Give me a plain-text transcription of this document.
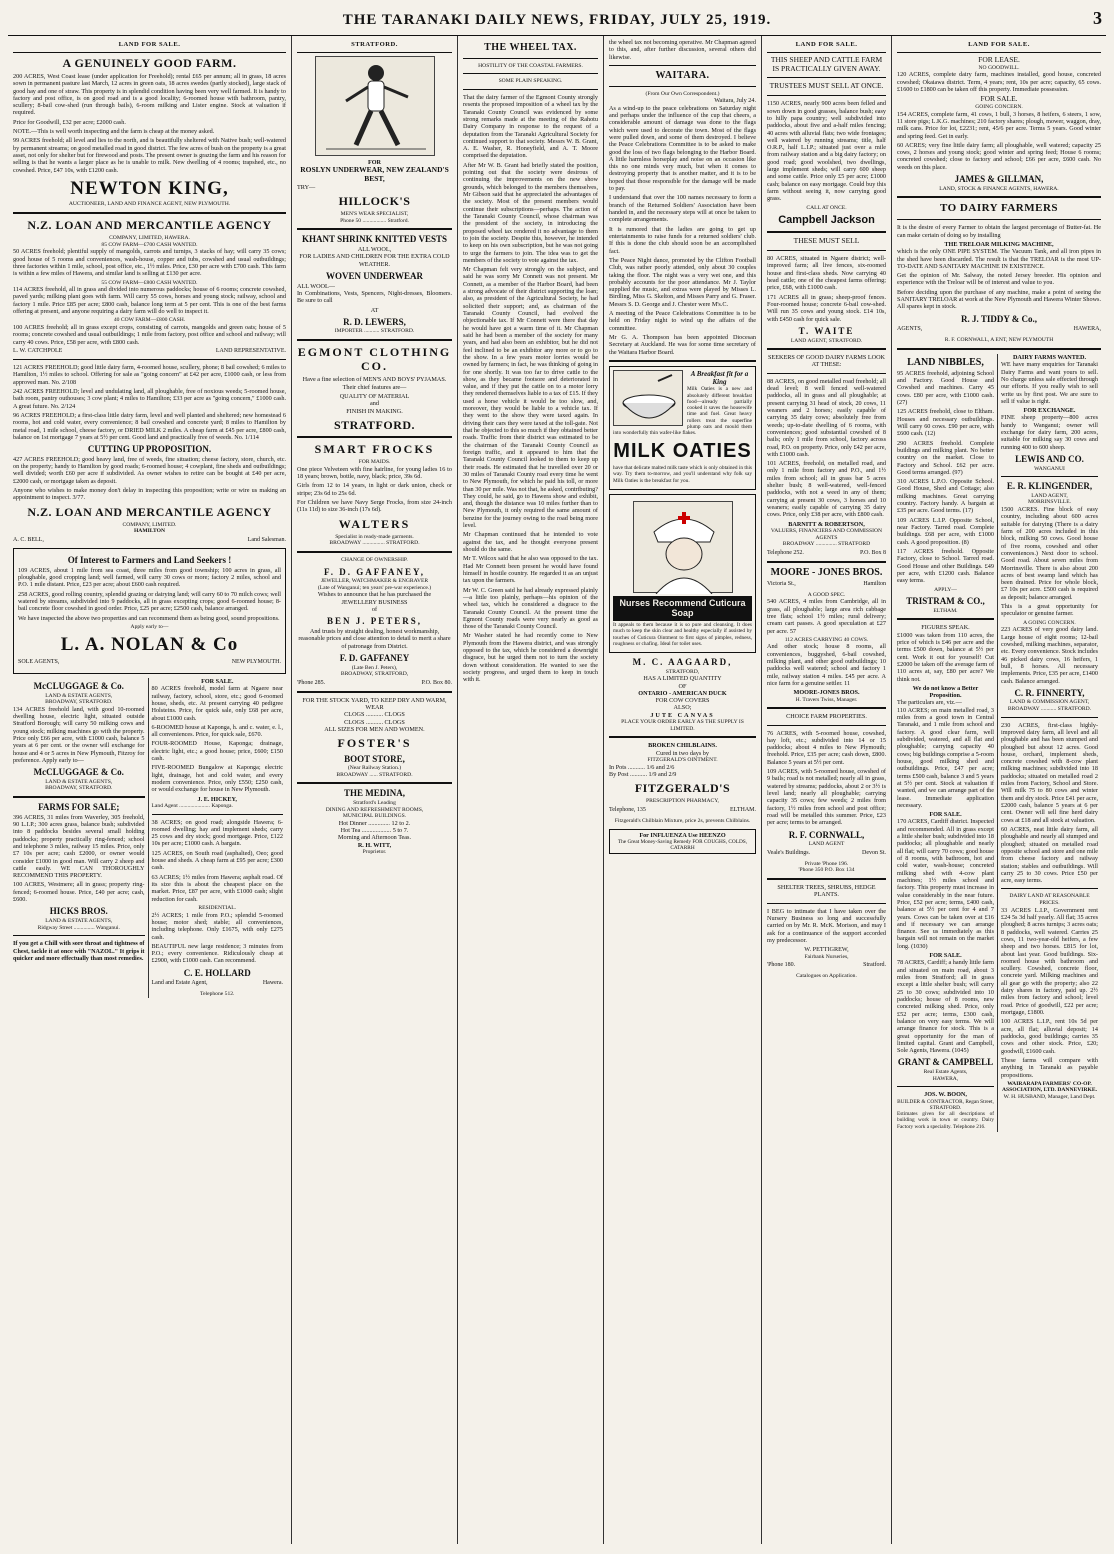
THE TARANAKI DAILY NEWS, FRIDAY, JULY 25, 1919.	3
LAND FOR SALE.
A GENUINELY GOOD FARM.

200 ACRES, West Coast lease (under application for Freehold); rental £65 per annum; all in grass, 18 acres sown in permanent pasture last March, 12 acres in green oats, 18 acres swedes (partly stocked), large stack of good hay and one of straw. This property is in splendid condition having been very well farmed. It is handy to factory and post office, is on good road and is a good locality; 6-roomed house with bathroom, pantry, scullery; 8-bail cow-shed (run through bails), 6-room milking and Lister engine. Stock at valuation if required.

Price for Goodwill, £32 per acre; £2000 cash.

NOTE.—This is well worth inspecting and the farm is cheap at the money asked.

99 ACRES freehold; all level and lies to the north, and is beautifully sheltered with Native bush; well-watered by permanent streams; on good metalled road in good district. The few acres of bush on the property is a great asset, not only for shelter but for firewood and posts. The present owner is grazing the farm and his reason for selling is that he wants a larger place as he is unable to milk. New dwelling of 4 rooms; trapshed, etc., no cowshed. Price, £47 10s, with £1200 cash.

NEWTON KING,
AUCTIONEER, LAND AND FINANCE AGENT, NEW PLYMOUTH.
N.Z. LOAN AND MERCANTILE AGENCY
COMPANY, LIMITED, HAWERA.
85 COW FARM—£700 CASH WANTED.

50 ACRES freehold; plentiful supply of mangolds, carrots and turnips, 3 stacks of hay; will carry 35 cows; good house of 5 rooms and conveniences, wash-house, copper and tubs, cowshed and usual outbuildings; three factories within 1 mile, school, post office, etc., 1½ miles. Price, £30 per acre with £700 cash. This farm is within a few miles of Hawera, and similar land is selling at £130 per acre.

55 COW FARM—£800 CASH WANTED.

114 ACRES freehold, all in grass and divided into numerous paddocks; house of 6 rooms; concrete cowshed, paved yards; milking plant goes with farm. Will carry 55 cows, horses and young stock; railway, school and factory 1 mile. Price £85 per acre; £800 cash, balance long term at 5 per cent. This is one of the best farms offering at present, and anyone requiring a dairy farm will do well to inspect it.

40 COW FARM—£800 CASH.

100 ACRES freehold; all in grass except crops, consisting of carrots, mangolds and green oats; house of 5 rooms; concrete cowshed and usual outbuildings; 1 mile from factory, post office and school and railway; will carry 40 cows. Price, £58 per acre, with £800 cash.

L. W. CATCHPOLE	LAND REPRESENTATIVE.

121 ACRES FREEHOLD; good little dairy farm, 4-roomed house, scullery, phone; 8 bail cowshed; 6 miles to Hamilton, 1½ miles to school. Offering for sale as "going concern" at £42 per acre, £1000 cash, or less from approved man. No. 2/108

242 ACRES FREEHOLD; level and undulating land, all ploughable, free of noxious weeds; 5-roomed house, bath room, pantry outhouses; 3 cow plant; 4 miles to Hamilton; £33 per acre as "going concern," £1000 cash. A great future. No. 2/124

96 ACRES FREEHOLD; a first-class little dairy farm, level and well planted and sheltered; new homestead 6 rooms, hot and cold water, every convenience; 8 bail cowshed and concrete yard; 8 miles to Hamilton by metal road, 1 mile school, cheese factory, or DRIED MILK 2 miles. A cheap farm at £45 per acre, £800 cash, balance on 1st mortgage 7 years at 5½ per cent. Good land and practically free of weeds. No. 1/114

CUTTING UP PROPOSITION.

427 ACRES FREEHOLD; good heavy land, free of weeds, fine situation; cheese factory, store, church, etc. on the property; handy to Hamilton by good roads; 6-roomed house; 4 cowplant, fine sheds and outbuildings; well divided; worth £60 per acre if subdivided. As owner wishes to retire can be bought at £40 per acre, £2000 cash, or mortgage taken as deposit.

Anyone who wishes to make money don't delay in inspecting this proposition; write or wire us making an appointment to inspect. 3/77.

N.Z. LOAN AND MERCANTILE AGENCY
COMPANY, LIMITED.
HAMILTON
A. C. BELL,	Land Salesman.
Of Interest to Farmers and Land Seekers !

109 ACRES, about 1 mile from sea coast, three miles from good township; 100 acres in grass, all ploughable, good cropping land; well farmed, will carry 30 cows or more; factory 2 miles, school and P.O. 1 mile distant. Price, £23 per acre; about £600 cash required.

258 ACRES, good rolling country, splendid grazing or dairying land; will carry 60 to 70 milch cows; well watered by streams, subdivided into 9 paddocks, all in grass excepting crops; good 6-roomed house; 8-bail concrete floor cowshed in good order. Price, £25 per acre; £2500 cash, balance arranged.

We have inspected the above two properties and can recommend them as being good, sound propositions.

Apply early to—
L. A. NOLAN & Co
SOLE AGENTS,	NEW PLYMOUTH.
McCLUGGAGE & Co.
LAND & ESTATE AGENTS,
BROADWAY, STRATFORD.

134 ACRES freehold land, with good 10-roomed dwelling house, electric light, situated outside Stratford Borough; will carry 50 milking cows and young stock; milking machines go with the property. Price only £66 per acre, with £1000 cash, balance 5 years at 6 per cent. or the owner will exchange for house and 4 or 5 acres in New Plymouth, Fitzroy for preference. Apply early to—

McCLUGGAGE & Co.
LAND & ESTATE AGENTS,
BROADWAY, STRATFORD.
FARMS FOR SALE;

396 ACRES, 31 miles from Waverley, 305 freehold, 90 L.I.P.; 300 acres grass, balance bush; subdivided into 8 paddocks besides several small holding paddocks; property practically ring-fenced; school and telephone 3 miles, railway 15 miles. Price, only £7 10s per acre; cash £2000, or owner would consider £1000 in good man. Will carry 2 sheep and cattle easily. WE CAN THOROUGHLY RECOMMEND THIS PROPERTY.

100 ACRES, Westmere; all in grass; property ring-fenced; 6-roomed house. Price, £40 per acre; cash, £600.

HICKS BROS.
LAND & ESTATE AGENTS,
Ridgway Street ............... Wanganui.

If you get a Chill with sore throat and tightness of Chest, tackle it at once with "NAZOL." It grips it quicker and more effectually than most remedies.

FOR SALE.

80 ACRES freehold, model farm at Ngaere near railway, factory, school, store, etc.; good 6-roomed house, sheds, etc. At present carrying 40 pedigree Holsteins. Price, for quick sale, only £68 per acre, about £1000 cash.

6-ROOMED house at Kaponga, h. and c. water, e. l., all conveniences. Price, for quick sale, £670.

FOUR-ROOMED House, Kaponga; drainage, electric light, etc.; a good house; price, £600; £150 cash.

FIVE-ROOMED Bungalow at Kaponga; electric light, drainage, hot and cold water, and every modern convenience. Price, only £550; £250 cash, or would exchange for house in New Plymouth.

J. E. HICKEY,
Land Agent ...................... Kaponga.

38 ACRES; on good road; alongside Hawera; 6-roomed dwelling; hay and implement sheds; carry 25 cows and dry stock; good mortgage. Price, £122 10s per acre; £1000 cash. A bargain.

125 ACRES, on South road (asphalted), Oeo; good house and sheds. A cheap farm at £95 per acre; £300 cash.

63 ACRES; 1½ miles from Hawera; asphalt road. Of its size this is about the cheapest place on the market. Price, £87 per acre, with £1000 cash; slight reduction for cash.

RESIDENTIAL.

2½ ACRES; 1 mile from P.O.; splendid 5-roomed house; motor shed; stable; all conveniences, including telephone. Only £1675, with only £275 cash.

BEAUTIFUL new large residence; 3 minutes from P.O.; every convenience. Ridiculously cheap at £2900, with £1000 cash. Can recommend.

C. E. HOLLARD
Land and Estate Agent,	Hawera.
Telephone 512.
STRATFORD.
FOR
ROSLYN UNDERWEAR, NEW ZEALAND'S BEST,
TRY—
HILLOCK'S
MEN'S WEAR SPECIALIST,
Phone 50 ................. Stratford.
KHANT SHRINK KNITTED VESTS
ALL WOOL,
FOR LADIES AND CHILDREN FOR THE EXTRA COLD WEATHER.
WOVEN UNDERWEAR
ALL WOOL—

In Combinations, Vests, Spencers, Night-dresses, Bloomers. Be sure to call

AT
R. D. LEWERS,
IMPORTER ........... STRATFORD.
EGMONT CLOTHING CO.

Have a fine selection of MEN'S AND BOYS' PYJAMAS. Their chief features are—

QUALITY OF MATERIAL
and
FINISH IN MAKING.
STRATFORD.
SMART FROCKS
FOR MAIDS.

One piece Velveteen with fine hairline, for young ladies 16 to 18 years; brown, bottle, navy, black; price, 39s 6d.

Girls from 12 to 14 years, in light or dark union, check or stripe; 23s 6d to 25s 6d.

For Children we have Navy Serge Frocks, from size 24-inch (11s 11d) to size 36-inch (17s 6d).

WALTERS
Specialist in ready-made garments.
BROADWAY ................ STRATFORD.
CHANGE OF OWNERSHIP.
F. D. GAFFANEY,
JEWELLER, WATCHMAKER & ENGRAVER
(Late of Wanganui; ten years' pre-war experience.)
Wishes to announce that he has purchased the
JEWELLERY BUSINESS
of
BEN J. PETERS,

And trusts by straight dealing, honest workmanship, reasonable prices and close attention to detail to merit a share of patronage from District.

F. D. GAFFANEY
(Late Ben J. Peters),
BROADWAY, STRATFORD,
'Phone 285.	P.O. Box 80.
FOR THE STOCK YARD, TO KEEP DRY AND WARM, WEAR
CLOGS ........... CLOGS
CLOGS ........... CLOGS
ALL SIZES FOR MEN AND WOMEN.
FOSTER'S
BOOT STORE,
(Near Railway Station.)
BROADWAY ...... STRATFORD.
THE MEDINA,
Stratford's Leading
DINING AND REFRESHMENT ROOMS,
MUNICIPAL BUILDINGS.
Hot Dinner .............. 12 to 2.
Hot Tea ................... 5 to 7.
Morning and Afternoon Teas.
R. H. WITT,
Proprietor.
THE WHEEL TAX.
HOSTILITY OF THE COASTAL FARMERS.
SOME PLAIN SPEAKING.

That the dairy farmer of the Egmont County strongly resents the proposed imposition of a wheel tax by the Taranaki County Council was evidenced by some strong remarks made at the meeting of the Rahotu Dairy Company in response to the request of a deputation from the Taranaki Agricultural Society for continued support to that society. Messrs W. B. Grant, A. E. Washer, R. Honeyfield, and A. T. Moore comprised the deputation.

After Mr W. B. Grant had briefly stated the position, pointing out that the society were desirous of continuing the improvements on the new show grounds, which belonged to the members themselves, Mr Gibson said that he appreciated the advantages of the society. Most of the present members would continue their subscriptions—perhaps. The action of the Taranaki County Council, whose chairman was the president of the society, in introducing the proposed wheel tax rendered it no advantage to them to join the society. Despite this, however, he intended to keep on his own subscription, but he was not going to urge the farmers to join. The idea was to get the members of the society to vote against the tax.

Mr Chapman felt very strongly on the subject, and said he was sorry Mr Connett was not present. Mr Connett, as a member of the Harbor Board, had been a strong advocate of their district supporting the loan; also, as president of the Agricultural Society, he had solicited their support; and, as chairman of the Taranaki County Council, had evolved the objectionable tax. If Mr Connett were there that day he would have got a warm time of it. Mr Chapman said he had been a member of the society for many years, and had also been an exhibitor, but he did not feel inclined to be an exhibitor any more or to go to the show. In a few years motor lorries would be owned by farmers; in fact, he was thinking of going in for one shortly. It was too far to drive cattle to the show, as they became footsore and deteriorated in value, and if they put the cattle on to a motor lorry they rendered themselves liable to a tax of £15. If they used a horse vehicle it would be too slow, and, moreover, they would be liable to a vehicle tax. If they went to the show they were taxed again. In driving their cars they were taxed at the toll-gate. Not that he objected to this so much if they obtained better roads. Traffic from their district was estimated to be the chairman of the Taranaki County Council as foreign traffic, and it appeared to him that the Taranaki County Council looked to them to keep up their roads. He estimated that he travelled over 20 or 30 miles of Taranaki County road every time he went to New Plymouth, for which he paid his toll, or more than 30 per mile. Was not that, he asked, contributing? They could, he said, go to Hawera show and exhibit, and, though the distance was 10 miles further than to New Plymouth, it only required the same amount of benzine for the journey owing to the road being more level.

Mr Chapman continued that he intended to vote against the tax, and he thought everyone present should do the same.

Mr T. Wilcox said that he also was opposed to the tax. Had Mr Connett been present he would have found himself in hostile country. He regarded it as an unjust tax upon the farmers.

Mr W. C. Green said he had already expressed plainly—a little too plainly, perhaps—his opinion of the wheel tax, which he considered a disgrace to the Taranaki County Council. At the present time the Egmont County roads were very nearly as good as those of the Taranaki County Council.

Mr Washer stated he had recently come to New Plymouth from the Hawera district, and was strongly opposed to the tax, which he considered a downright disgrace, but he urged them not to turn the society down without consideration. He wanted to see the society progress, and urged them to keep in touch with it.

the wheel tax not becoming operative. Mr Chapman agreed to this, and, after further discussion, several others did likewise.

WAITARA.
(From Our Own Correspondent.)
Waitara, July 24.

As a wind-up to the peace celebrations on Saturday night and perhaps under the influence of the cup that cheers, a considerable amount of damage was done to the flags which were used to decorate the town. Most of the flags were pulled down, and some of them destroyed. I believe the Peace Celebrations Committee is to be asked to make good the loss of two flags belonging to the Harbor Board. A little harmless horseplay and noise on an occasion like this no one minds very much, but when it comes to destroying property that is another matter, and it is to be hoped that those responsible for the damage will be made to pay.

I understand that over the 100 names necessary to form a branch of the Returned Soldiers' Association have been handed in, and the necessary steps will at once be taken to complete arrangements.

It is rumored that the ladies are going to get up entertainments to raise funds for a returned soldiers' club. If this is done the club should soon be an accomplished fact.

The Peace Night dance, promoted by the Clifton Football Club, was rather poorly attended, only about 30 couples taking the floor. The night was a very wet one, and this probably accounts for the poor attendance. Mr J. Taylor supplied the music, and extras were played by Misses L. Birdling, Miss G. Skelton, and Misses Parry and G. Fraser. Messrs S. D. George and J. Chester were M's.C.

A meeting of the Peace Celebrations Committee is to be held on Friday night to wind up the affairs of the committee.

Mr G. A. Thompson has been appointed Diocesan Secretary at Auckland. He was for some time secretary of the Waitara Harbor Board.

A Breakfast fit for a King

Milk Oaties is a new and absolutely different breakfast food—already partially cooked it saves the housewife time and fuel. Great heavy rollers treat the superfine plump oats and mould them into wonderfully thin wafer-like flakes.

MILK OATIES

have that delicate malted milk taste which is only obtained in this way. Try them to-morrow, and you'll understand why folk say Milk Oaties is the breakfast for you.

Nurses Recommend Cuticura Soap

It appeals to them because it is so pure and cleansing. It does much to keep the skin clear and healthy especially if assisted by touches of Cuticura Ointment to first signs of pimples, redness, roughness or chafing. Ideal for toilet uses.

M. C. AAGAARD,
STRATFORD,
HAS A LIMITED QUANTITY
OF
ONTARIO - AMERICAN DUCK
FOR COW COVERS
ALSO;
JUTE CANVAS
PLACE YOUR ORDER EARLY AS THE SUPPLY IS LIMITED.
BROKEN CHILBLAINS.
Cured in two days by
FITZGERALD'S OINTMENT.
In Pots ........... 1/6 and 2/6
By Post ........... 1/9 and 2/9
FITZGERALD'S
PRESCRIPTION PHARMACY,
Telephone, 135	ELTHAM.
Fitzgerald's Chilblain Mixture, price 2s, prevents Chilblains.
For INFLUENZA Use HEENZO
The Great Money-Saving Remedy FOR COUGHS, COLDS, CATARRH
LAND FOR SALE.
THIS SHEEP AND CATTLE FARM IS PRACTICALLY GIVEN AWAY.
TRUSTEES MUST SELL AT ONCE.

1150 ACRES, nearly 900 acres been felled and sown down in good grasses, balance bush; easy to hilly papa country; well subdivided into paddocks, about five and a-half miles fencing; 40 acres with alluvial flats; two wide frontages; well watered by running streams; title, half O.R.P., half L.I.P.; situated just over a mile from railway station and a big dairy factory; on good road; good woolshed, two dwellings, large implement sheds; will carry 600 sheep and some cattle. Price only £5 per acre; £1000 cash; balance on easy mortgage. Could buy this farm without seeing it, now carrying good grass.

CALL AT ONCE.
Campbell Jackson
THESE MUST SELL

80 ACRES, situated in Ngaere district; well-improved farm; all live fences, six-roomed house and first-class sheds. Now carrying 40 head cattle; one of the cheapest farms offering; price, £68, with £1000 cash.

171 ACRES all in grass; sheep-proof fences. Four-roomed house; concrete 6-bail cow-shed. Will run 35 cows and young stock. £14 10s, with £450 cash for quick sale.

T. WAITE
LAND AGENT, STRATFORD.
SEEKERS OF GOOD DAIRY FARMS LOOK AT THESE:

88 ACRES, on good metalled road freehold; all dead level; 8 well fenced well-watered paddocks, all in grass and all ploughable; at present carrying 31 head of stock, 20 cows, 11 weaners and 2 horses; easily capable of carrying 35 dairy cows; absolutely free from weeds; up-to-date dwelling of 6 rooms, with conveniences; good substantial cowshed of 8 bails; only 1 mile from school, factory across road, P.O. on property. Price, only £42 per acre, with £1000 cash.

101 ACRES, freehold, on metalled road, and only 1 mile from factory and P.O., and 1½ miles from school; all in grass bar 5 acres shelter bush; 8 well-watered, well-fenced paddocks, with not a weed in any of them; carrying at present 30 cows, 3 horses and 10 weaners; easily capable of carrying 35 dairy cows. Price, only £38 per acre, with £800 cash.

BARNITT & ROBERTSON,
VALUERS, FINANCIERS AND COMMISSION AGENTS
BROADWAY ............... STRATFORD
Telephone 252.	P.O. Box 8
MOORE - JONES BROS.
Victoria St.,	Hamilton
A GOOD SPEC.

540 ACRES, 4 miles from Cambridge, all in grass, all ploughable; large area rich cabbage tree flats; school 1½ miles; rural delivery; cream cart passes. A good speculation at £27 per acre. 57

112 ACRES CARRYING 40 COWS.

And other stock; house 8 rooms, all conveniences, buggyshed, 6-bail cowshed, milking plant, and other good outbuildings; 10 paddocks well watered; school and factory 1 mile, railway station 4 miles. £45 per acre. A nice farm for a genuine settler. 11

MOORE-JONES BROS.
H. Travers Twiss, Manager.
CHOICE FARM PROPERTIES.

76 ACRES, with 5-roomed house, cowshed, hay loft, etc.; subdivided into 14 or 15 paddocks; about 4 miles to New Plymouth; freehold. Price, £35 per acre; cash down, £800. Balance 5 years at 5½ per cent.

109 ACRES, with 5-roomed house, cowshed of 9 bails; road is not metalled; nearly all in grass, watered by streams; paddocks, about 2 or 3½ is level land; nearly all ploughable; carrying capacity 35 cows; few weeds; 2 miles from factory, 1½ miles from school and post office; road will be metalled this summer. Price, £23 per acre; terms to be arranged.

R. F. CORNWALL,
LAND AGENT
Veale's Buildings.	Devon St.
Private 'Phone 196.
'Phone 350 P.O. Box 134
SHELTER TREES, SHRUBS, HEDGE PLANTS.

I BEG to intimate that I have taken over the Nursery Business so long and successfully carried on by Mr. R. McK. Morison, and may I ask for a continuance of the support accorded my predecessor.

W. PETTIGREW,
Fairbank Nurseries,
'Phone 180.	Stratford.
Catalogues on Application.
LAND FOR SALE.
FOR LEASE.
NO GOODWILL.

120 ACRES, complete dairy farm, machines installed, good house, concreted cowshed; Okaiawa district. Term, 4 years; rent, 10s per acre; capacity, 65 cows. £1600 to £1800 can be taken off this property. Immediate possession.

FOR SALE.
GOING CONCERN.

154 ACRES, complete farm, 41 cows, 1 bull, 3 horses, 8 heifers, 6 steers, 1 sow, 11 store pigs; L.K.G. machines; 210 factory shares; plough, mower, waggon, dray, milk cans. Price for lot, £2231; rent, 45/6 per acre. Terms 5 years. Good winter and spring feed. Get in early.

60 ACRES; very fine little dairy farm; all ploughable, well watered; capacity 25 cows, 2 horses and young stock; good winter and spring feed; House 6 rooms; concreted cowshed; close to factory and school; £66 per acre, £600 cash. No weeds on this place.

JAMES & GILLMAN,
LAND, STOCK & FINANCE AGENTS, HAWERA.
TO DAIRY FARMERS

It is the desire of every Farmer to obtain the largest percentage of Butter-fat. He can make certain of doing so by installing

THE TRELOAR MILKING MACHINE,

which is the only ONE PIPE SYSTEM. The Vacuum Tank, and all iron pipes in the shed have been discarded. The result is that the TRELOAR is the most UP-TO-DATE AND SANITARY MACHINE IN EXISTENCE.

Get the opinion of Mr. Salway, the noted Jersey breeder. His opinion and experience with the Treloar will be of interest and value to you.

Before deciding upon the purchase of any machine, make a point of seeing the SANITARY TRELOAR at work at the New Plymouth and Hawera Winter Shows. All spares kept in stock.

R. J. TIDDY & Co.,
AGENTS,	HAWERA,
R. F. CORNWALL, A ENT, NEW PLYMOUTH
LAND NIBBLES,

95 ACRES freehold, adjoining School and Factory. Good House and Cowshed and machines. Carry 45 cows. £80 per acre, with £1000 cash. (27)

125 ACRES freehold, close to Eltham. Houses and necessary outbuildings. Will carry 60 cows. £90 per acre, with £600 cash. (12)

290 ACRES freehold. Complete buildings and milking plant. No better country on the market. Close to Factory and School. £62 per acre. Good terms arranged. (97)

310 ACRES L.P.O. Opposite School. Good House, Shed and Cottage; also milking machines. Great carrying country. Factory handy. A bargain at £35 per acre. Good terms. (17)

109 ACRES L.I.P. Opposite School, near Factory. Tarred road. Complete buildings. £68 per acre, with £1000 cash. A good proposition. (8)

117 ACRES freehold. Opposite Factory, close to School. Tarred road. Good House and other Buildings. £49 per acre, with £1200 cash. Balance easy terms.

APPLY—
TRISTRAM & CO.,
ELTHAM.
FIGURES SPEAK.

£1000 was taken from 110 acres, the price of which is £46 per acre and the terms £500 down, balance at 5½ per cent. Work it out for yourself! Cut £2000 be taken off the average farm of 110 acres at, say, £80 per acre? We think not.

We do not know a Better Proposition.
The particulars are, viz.—

110 ACRES; on main metalled road, 3 miles from a good town in Central Taranaki, and 1 mile from school and factory. A good clear farm, well subdivided, watered, and all flat and ploughable; carrying capacity 40 cows; big buildings comprise a 5-room house, good milking shed and outbuildings. Price, £47 per acre; terms £500 cash, balance 3 and 5 years at 5½ per cent. Stock at valuation if wanted, and we can arrange part of the lease. Immediate application necessary.

FOR SALE.

170 ACRES, Cardiff district. Inspected and recommended. All in grass except a little shelter bush; subdivided into 18 paddocks; all ploughable and nearly all flat; will carry 70 cows; good house of 8 rooms, with bathroom, hot and cold water, wash-house; concreted milking shed with 4-cow plant machines; 1½ miles school and factory. This property must increase in value considerably in the near future. Price, £52 per acre; terms, £400 cash, balance at 5½ per cent for 4 and 7 years. Cows can be taken over at £16 and if necessary we can arrange finance. See us immediately as this bargain will not remain on the market long. (1030)

FOR SALE.

78 ACRES, Cardiff; a handy little farm and situated on main road, about 3 miles from Stratford; all in grass except a little shelter bush; will carry 25 to 30 cows; subdivided into 10 paddocks; house of 8 rooms, new concreted milking shed. Price, only £52 per acre; terms, £300 cash, balance on very easy terms. We will arrange finance for stock. This is a great opportunity for the man of limited capital. Grant and Campbell, Sole Agents, Hawera. (1045)

GRANT & CAMPBELL
Real Estate Agents,
HAWERA,
JOS. W. BOON,
BUILDER & CONTRACTOR, Regan Street, STRATFORD.

Estimates given for all descriptions of building work in town or country. Dairy Factory work a speciality. Telephone 216.

DAIRY FARMS WANTED.

WE have many enquiries for Taranaki Dairy Farms and want yours to sell. No charge unless sale effected through our efforts. If you really wish to sell write us by first post. We are sure to sell if value is right.

FOR EXCHANGE.

FINE sheep property—800 acres handy to Wanganui; owner will exchange for dairy farm, 200 acres, suitable for milking say 30 cows and running 400 to 600 sheep.

LEWIS AND CO.
WANGANUI
E. R. KLINGENDER,
LAND AGENT,
MORRINSVILLE.

1500 ACRES. Fine block of easy country, including about 600 acres suitable for dairying (There is a dairy farm of 200 acres included in this block, milking 50 cows. Good house of five rooms, cowshed and other conveniences.) Next door to school. Good road. About seven miles from Morrinsville. There is also about 200 acres of best swamp land which has been drained. Price for whole block, £7 10s per acre. £500 cash is required as deposit; balance arranged.

This is a great opportunity for speculator or genuine farmer.

A GOING CONCERN.

223 ACRES of very good dairy land. Large house of eight rooms; 12-bail cowshed, milking machines, separator, etc. Every convenience. Stock includes 46 picked dairy cows, 16 heifers, 1 bull, 8 horses. All necessary implements. Price, £35 per acre, £1400 cash. Balance arranged.

C. R. FINNERTY,
LAND & COMMISSION AGENT,
BROADWAY ........... STRATFORD.

230 ACRES, first-class highly-improved dairy farm, all level and all ploughable and has been stumped and ploughed but about 12 acres. Good house, orchard, implement sheds, concrete cowshed with 8-cow plant milking machines; subdivided into 18 paddocks; situated on metalled road 2 miles from Factory, School and Store. Will milk 75 to 80 cows and winter them and dry stock. Price £41 per acre, £2000 cash, balance 5 years at 6 per cent. Owner will sell fine herd dairy cows at £18 and all stock at valuation.

60 ACRES, neat little dairy farm, all ploughable and nearly all stumped and ploughed; situated on metalled road opposite school and store and one mile from cheese factory and railway station; stables and outbuildings. Will carry 25 to 30 cows. Price £50 per acre, easy terms.

DAIRY LAND AT REASONABLE PRICES.

33 ACRES L.I.P., Government rent £24 5s 3d half yearly. All flat; 35 acres ploughed; 8 acres turnips; 3 acres oats; 8 paddocks, well watered. Carries 25 cows, 11 two-year-old heifers, a few sheep and two horses. £815 for lot, about last year. Good buildings. Six-roomed house with bathroom and scullery. Cowshed, concrete floor, concrete yard. Milking machines and all gear go with the property; also 22 dairy shares in factory, paid up. 2½ miles from factory and school; level road. Price of goodwill, £22 per acre; mortgage, £1800.

100 ACRES L.I.P., rent 10s 5d per acre, all flat; alluvial deposit; 14 paddocks, good buildings; carries 35 cows and other stock. Price, £20; goodwill, £1600 cash.

These farms will compare with anything in Taranaki as payable propositions.

WAIRARAPA FARMERS' CO-OP. ASSOCIATION, LTD. DANNEVIRKE.
W. H. HUSBAND, Manager, Land Dept.
